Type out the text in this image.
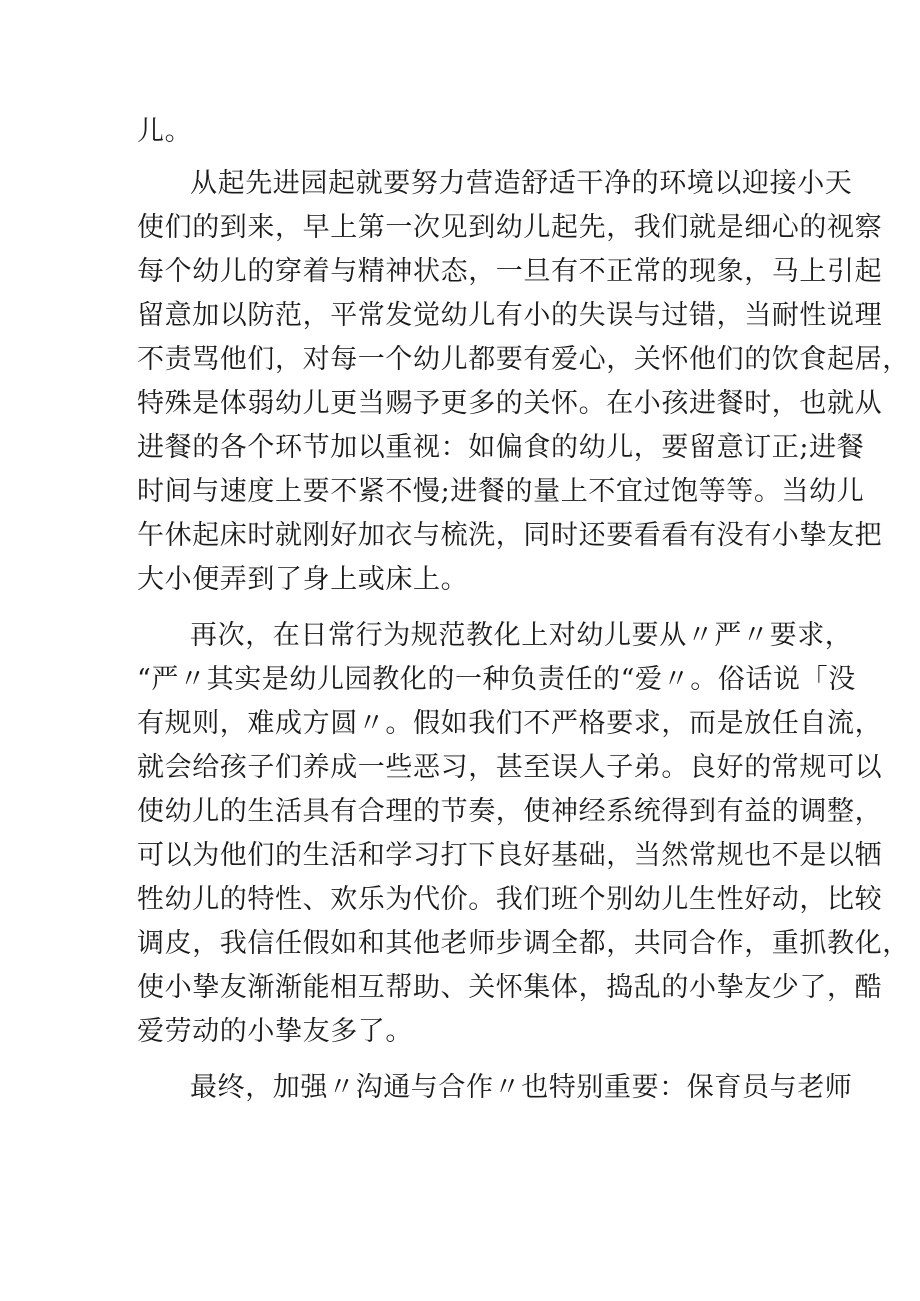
儿。
从起先进园起就要努力营造舒适干净的环境以迎接小天
使们的到来，早上第一次见到幼儿起先，我们就是细心的视察
每个幼儿的穿着与精神状态，一旦有不正常的现象，马上引起
留意加以防范，平常发觉幼儿有小的失误与过错，当耐性说理
不责骂他们，对每一个幼儿都要有爱心，关怀他们的饮食起居，
特殊是体弱幼儿更当赐予更多的关怀。在小孩进餐时，也就从
进餐的各个环节加以重视：如偏食的幼儿，要留意订正;进餐
时间与速度上要不紧不慢;进餐的量上不宜过饱等等。当幼儿
午休起床时就刚好加衣与梳洗，同时还要看看有没有小挚友把
大小便弄到了身上或床上。
再次，在日常行为规范教化上对幼儿要从〃严〃要求，
“严〃其实是幼儿园教化的一种负责任的“爱〃。俗话说「没
有规则，难成方圆〃。假如我们不严格要求，而是放任自流，
就会给孩子们养成一些恶习，甚至误人子弟。良好的常规可以
使幼儿的生活具有合理的节奏，使神经系统得到有益的调整，
可以为他们的生活和学习打下良好基础，当然常规也不是以牺
牲幼儿的特性、欢乐为代价。我们班个别幼儿生性好动，比较
调皮，我信任假如和其他老师步调全都，共同合作，重抓教化，
使小挚友渐渐能相互帮助、关怀集体，捣乱的小挚友少了，酷
爱劳动的小挚友多了。
最终，加强〃沟通与合作〃也特别重要：保育员与老师
